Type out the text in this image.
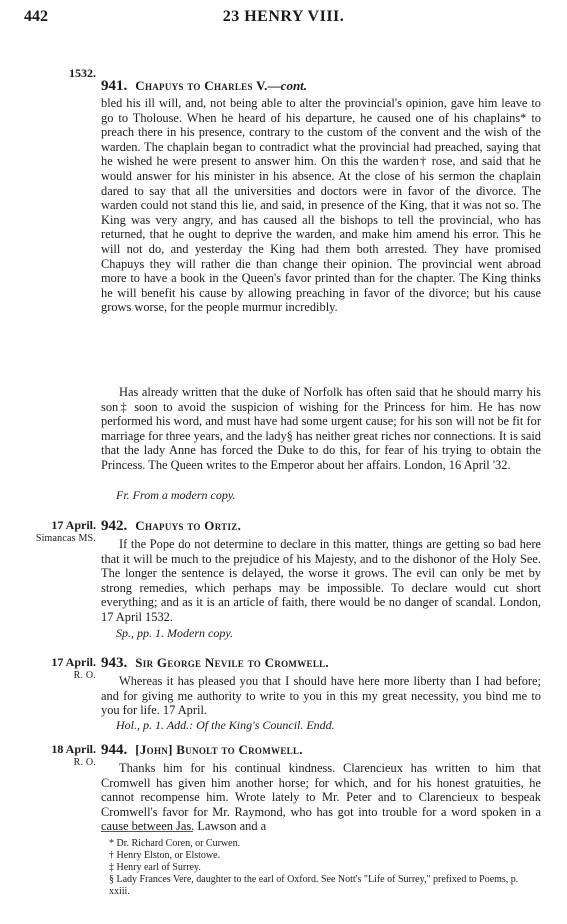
442	23 HENRY VIII.
1532.
941. Chapuys to Charles V.—cont.

bled his ill will, and, not being able to alter the provincial's opinion, gave him leave to go to Tholouse. When he heard of his departure, he caused one of his chaplains* to preach there in his presence, contrary to the custom of the convent and the wish of the warden. The chaplain began to contradict what the provincial had preached, saying that he wished he were present to answer him. On this the warden† rose, and said that he would answer for his minister in his absence. At the close of his sermon the chaplain dared to say that all the universities and doctors were in favor of the divorce. The warden could not stand this lie, and said, in presence of the King, that it was not so. The King was very angry, and has caused all the bishops to tell the provincial, who has returned, that he ought to deprive the warden, and make him amend his error. This he will not do, and yesterday the King had them both arrested. They have promised Chapuys they will rather die than change their opinion. The provincial went abroad more to have a book in the Queen's favor printed than for the chapter. The King thinks he will benefit his cause by allowing preaching in favor of the divorce; but his cause grows worse, for the people murmur incredibly.

Has already written that the duke of Norfolk has often said that he should marry his son‡ soon to avoid the suspicion of wishing for the Princess for him. He has now performed his word, and must have had some urgent cause; for his son will not be fit for marriage for three years, and the lady§ has neither great riches nor connections. It is said that the lady Anne has forced the Duke to do this, for fear of his trying to obtain the Princess. The Queen writes to the Emperor about her affairs. London, 16 April '32.

Fr. From a modern copy.
17 April.
Simancas MS.
942. Chapuys to Ortiz.

If the Pope do not determine to declare in this matter, things are getting so bad here that it will be much to the prejudice of his Majesty, and to the dishonor of the Holy See. The longer the sentence is delayed, the worse it grows. The evil can only be met by strong remedies, which perhaps may be impossible. To declare would cut short everything; and as it is an article of faith, there would be no danger of scandal. London, 17 April 1532.

Sp., pp. 1. Modern copy.
17 April.
R. O.
943. Sir George Nevile to Cromwell.

Whereas it has pleased you that I should have here more liberty than I had before; and for giving me authority to write to you in this my great necessity, you bind me to you for life. 17 April.

Hol., p. 1. Add.: Of the King's Council. Endd.
18 April.
R. O.
944. [John] Bunolt to Cromwell.

Thanks him for his continual kindness. Clarencieux has written to him that Cromwell has given him another horse; for which, and for his honest gratuities, he cannot recompense him. Wrote lately to Mr. Peter and to Clarencieux to bespeak Cromwell's favor for Mr. Raymond, who has got into trouble for a word spoken in a cause between Jas. Lawson and a

* Dr. Richard Coren, or Curwen.
† Henry Elston, or Elstowe.
‡ Henry earl of Surrey.
§ Lady Frances Vere, daughter to the earl of Oxford. See Nott's "Life of Surrey," prefixed to Poems, p. xxiii.
